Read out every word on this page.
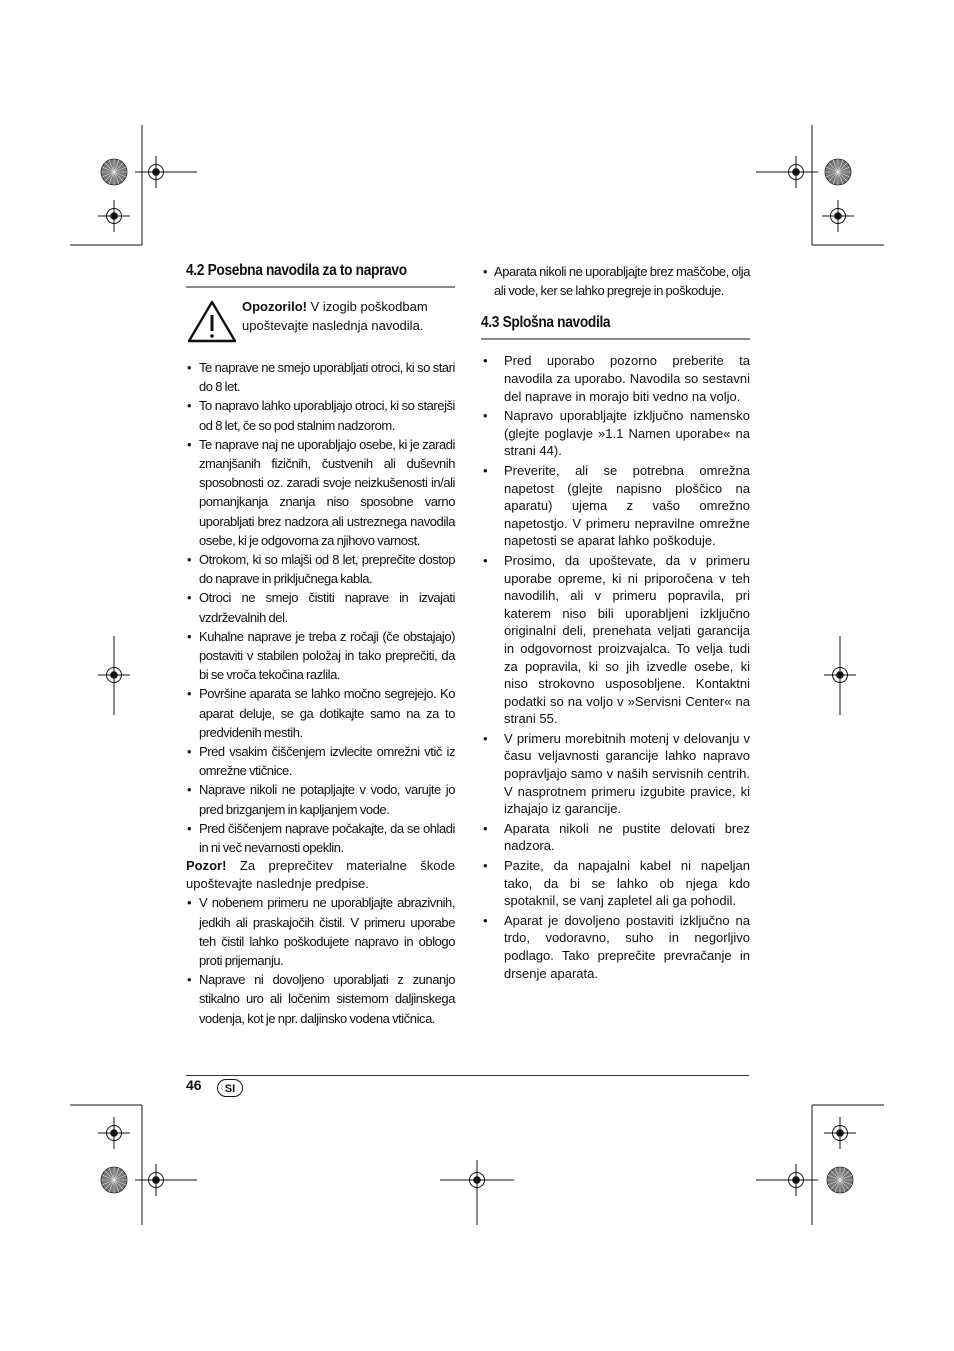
4.2 Posebna navodila za to napravo
Opozorilo! V izogib poškodbam upoštevajte naslednja navodila.
• Te naprave ne smejo uporabljati otroci, ki so stari do 8 let.
• To napravo lahko uporabljajo otroci, ki so starejši od 8 let, če so pod stalnim nadzorom.
• Te naprave naj ne uporabljajo osebe, ki je zaradi zmanjšanih fizičnih, čustvenih ali duševnih sposobnosti oz. zaradi svoje neizkušenosti in/ali pomanjkanja znanja niso sposobne varno uporabljati brez nadzora ali ustreznega navodila osebe, ki je odgovorna za njihovo varnost.
• Otrokom, ki so mlajši od 8 let, preprečite dostop do naprave in priključnega kabla.
• Otroci ne smejo čistiti naprave in izvajati vzdrževalnih del.
• Kuhalne naprave je treba z ročaji (če obstajajo) postaviti v stabilen položaj in tako preprečiti, da bi se vroča tekočina razlila.
• Površine aparata se lahko močno segrejejo. Ko aparat deluje, se ga dotikajte samo na za to predvidenih mestih.
• Pred vsakim čiščenjem izvlecite omrežni vtič iz omrežne vtičnice.
• Naprave nikoli ne potapljajte v vodo, varujte jo pred brizganjem in kapljanjem vode.
• Pred čiščenjem naprave počakajte, da se ohladi in ni več nevarnosti opeklin.

Pozor! Za preprečitev materialne škode upoštevajte naslednje predpise.

• V nobenem primeru ne uporabljajte abrazivnih, jedkih ali praskajočih čistil. V primeru uporabe teh čistil lahko poškodujete napravo in oblogo proti prijemanju.
• Naprave ni dovoljeno uporabljati z zunanjo stikalno uro ali ločenim sistemom daljinskega vodenja, kot je npr. daljinsko vodena vtičnica.
• Aparata nikoli ne uporabljajte brez maščobe, olja ali vode, ker se lahko pregreje in poškoduje.
4.3 Splošna navodila
• Pred uporabo pozorno preberite ta navodila za uporabo. Navodila so sestavni del naprave in morajo biti vedno na voljo.
• Napravo uporabljajte izključno namensko (glejte poglavje »1.1 Namen uporabe« na strani 44).
• Preverite, ali se potrebna omrežna napetost (glejte napisno ploščico na aparatu) ujema z vašo omrežno napetostjo. V primeru nepravilne omrežne napetosti se aparat lahko poškoduje.
• Prosimo, da upoštevate, da v primeru uporabe opreme, ki ni priporočena v teh navodilih, ali v primeru popravila, pri katerem niso bili uporabljeni izključno originalni deli, prenehata veljati garancija in odgovornost proizvajalca. To velja tudi za popravila, ki so jih izvedle osebe, ki niso strokovno usposobljene. Kontaktni podatki so na voljo v »Servisni Center« na strani 55.
• V primeru morebitnih motenj v delovanju v času veljavnosti garancije lahko napravo popravljajo samo v naših servisnih centrih. V nasprotnem primeru izgubite pravice, ki izhajajo iz garancije.
• Aparata nikoli ne pustite delovati brez nadzora.
• Pazite, da napajalni kabel ni napeljan tako, da bi se lahko ob njega kdo spotaknil, se vanj zapletel ali ga pohodil.
• Aparat je dovoljeno postaviti izključno na trdo, vodoravno, suho in negorljivo podlago. Tako preprečite prevračanje in drsenje aparata.
46	SI
